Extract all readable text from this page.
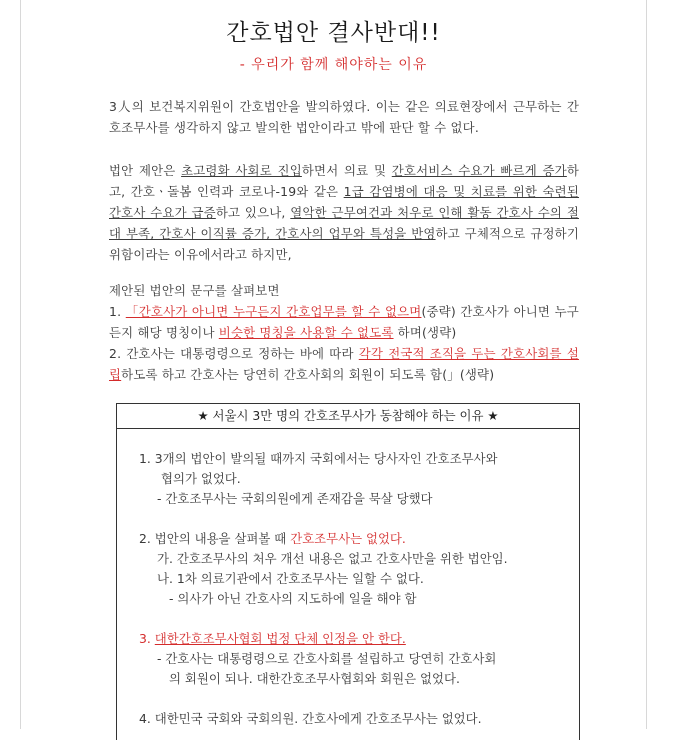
간호법안 결사반대!!
- 우리가 함께 해야하는 이유
3人의 보건복지위원이 간호법안을 발의하였다. 이는 같은 의료현장에서 근무하는 간호조무사를 생각하지 않고 발의한 법안이라고 밖에 판단 할 수 없다.
법안 제안은 초고령화 사회로 진입하면서 의료 및 간호서비스 수요가 빠르게 증가하고, 간호ㆍ돌봄 인력과 코로나-19와 같은 1급 감염병에 대응 및 치료를 위한 숙련된 간호사 수요가 급증하고 있으나, 열악한 근무여건과 처우로 인해 활동 간호사 수의 절대 부족, 간호사 이직률 증가, 간호사의 업무와 특성을 반영하고 구체적으로 규정하기 위함이라는 이유에서라고 하지만,
제안된 법안의 문구를 살펴보면
1. 「간호사가 아니면 누구든지 간호업무를 할 수 없으며(중략) 간호사가 아니면 누구든지 해당 명칭이나 비슷한 명칭을 사용할 수 없도록 하며(생략)
2. 간호사는 대통령령으로 정하는 바에 따라 각각 전국적 조직을 두는 간호사회를 설립하도록 하고 간호사는 당연히 간호사회의 회원이 되도록 함(」(생략)
★ 서울시 3만 명의 간호조무사가 동참해야 하는 이유 ★
1. 3개의 법안이 발의될 때까지 국회에서는 당사자인 간호조무사와
협의가 없었다.
- 간호조무사는 국회의원에게 존재감을 묵살 당했다
2. 법안의 내용을 살펴볼 때 간호조무사는 없었다.
가. 간호조무사의 처우 개선 내용은 없고 간호사만을 위한 법안임.
나. 1차 의료기관에서 간호조무사는 일할 수 없다.
- 의사가 아닌 간호사의 지도하에 일을 해야 함
3. 대한간호조무사협회 법정 단체 인정을 안 한다.
- 간호사는 대통령령으로 간호사회를 설립하고 당연히 간호사회
의 회원이 되나. 대한간호조무사협회와 회원은 없었다.
4. 대한민국 국회와 국회의원. 간호사에게 간호조무사는 없었다.
